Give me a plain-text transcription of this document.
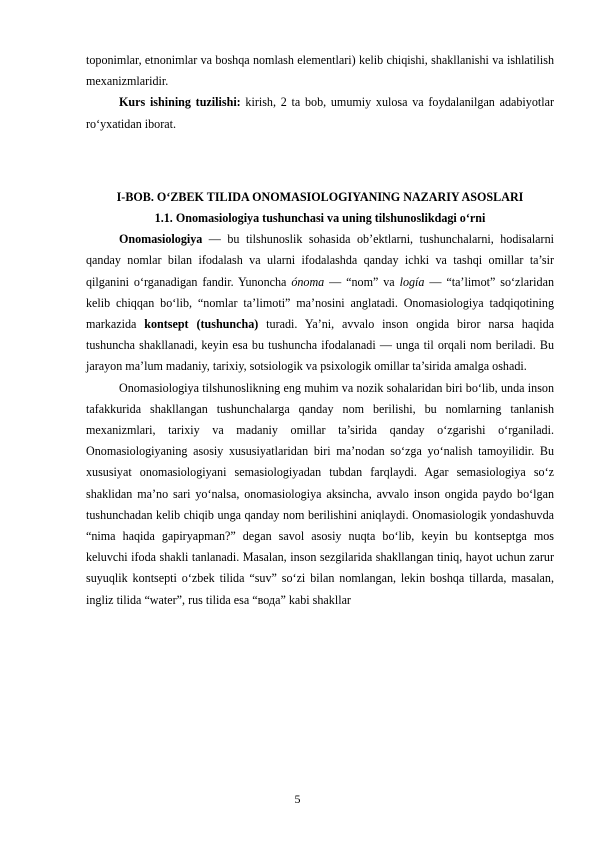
toponimlar, etnonimlar va boshqa nomlash elementlari) kelib chiqishi, shakllanishi va ishlatilish mexanizmlaridir.

Kurs ishining tuzilishi: kirish, 2 ta bob, umumiy xulosa va foydalanilgan adabiyotlar ro‘yxatidan iborat.

I-BOB. O‘ZBEK TILIDA ONOMASIOLOGIYANING NAZARIY ASOSLARI
1.1. Onomasiologiya tushunchasi va uning tilshunoslikdagi o‘rni

Onomasiologiya — bu tilshunoslik sohasida ob’ektlarni, tushunchalarni, hodisalarni qanday nomlar bilan ifodalash va ularni ifodalashda qanday ichki va tashqi omillar ta’sir qilganini o‘rganadigan fandir. Yunoncha ónoma — “nom” va logía — “ta’limot” so‘zlaridan kelib chiqqan bo‘lib, “nomlar ta’limoti” ma’nosini anglatadi. Onomasiologiya tadqiqotining markazida kontsept (tushuncha) turadi. Ya’ni, avvalo inson ongida biror narsa haqida tushuncha shakllanadi, keyin esa bu tushuncha ifodalanadi — unga til orqali nom beriladi. Bu jarayon ma’lum madaniy, tarixiy, sotsiologik va psixologik omillar ta’sirida amalga oshadi.

Onomasiologiya tilshunoslikning eng muhim va nozik sohalaridan biri bo‘lib, unda inson tafakkurida shakllangan tushunchalarga qanday nom berilishi, bu nomlarning tanlanish mexanizmlari, tarixiy va madaniy omillar ta’sirida qanday o‘zgarishi o‘rganiladi. Onomasiologiyaning asosiy xususiyatlaridan biri ma’nodan so‘zga yo‘nalish tamoyilidir. Bu xususiyat onomasiologiyani semasiologiyadan tubdan farqlaydi. Agar semasiologiya so‘z shaklidan ma’no sari yo‘nalsa, onomasiologiya aksincha, avvalo inson ongida paydo bo‘lgan tushunchadan kelib chiqib unga qanday nom berilishini aniqlaydi. Onomasiologik yondashuvda “nima haqida gapiryapman?” degan savol asosiy nuqta bo‘lib, keyin bu kontseptga mos keluvchi ifoda shakli tanlanadi. Masalan, inson sezgilarida shakllangan tiniq, hayot uchun zarur suyuqlik kontsepti o‘zbek tilida “suv” so‘zi bilan nomlangan, lekin boshqa tillarda, masalan, ingliz tilida “water”, rus tilida esa “вода” kabi shakllar

5
